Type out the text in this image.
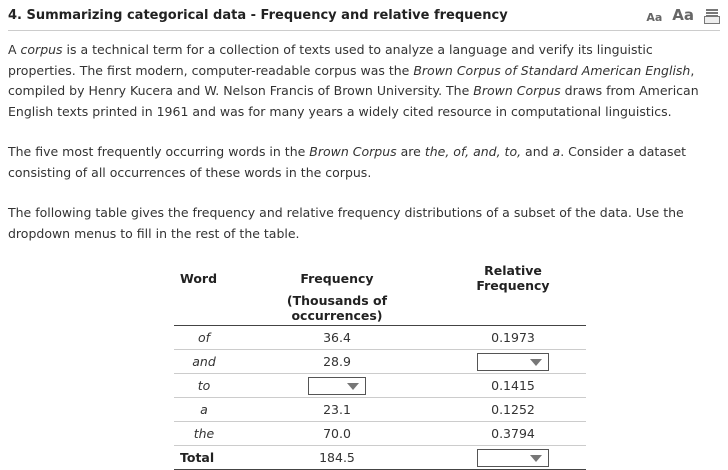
4. Summarizing categorical data - Frequency and relative frequency	Aa Aa

A corpus is a technical term for a collection of texts used to analyze a language and verify its linguistic properties. The first modern, computer-readable corpus was the Brown Corpus of Standard American English, compiled by Henry Kucera and W. Nelson Francis of Brown University. The Brown Corpus draws from American English texts printed in 1961 and was for many years a widely cited resource in computational linguistics.

The five most frequently occurring words in the Brown Corpus are the, of, and, to, and a. Consider a dataset consisting of all occurrences of these words in the corpus.

The following table gives the frequency and relative frequency distributions of a subset of the data. Use the dropdown menus to fill in the rest of the table.

Word	Frequency	Relative Frequency
	(Thousands of occurrences)	
of	36.4	0.1973
and	28.9	

to		0.1415
a	23.1	0.1252
the	70.0	0.3794
Total	184.5	
